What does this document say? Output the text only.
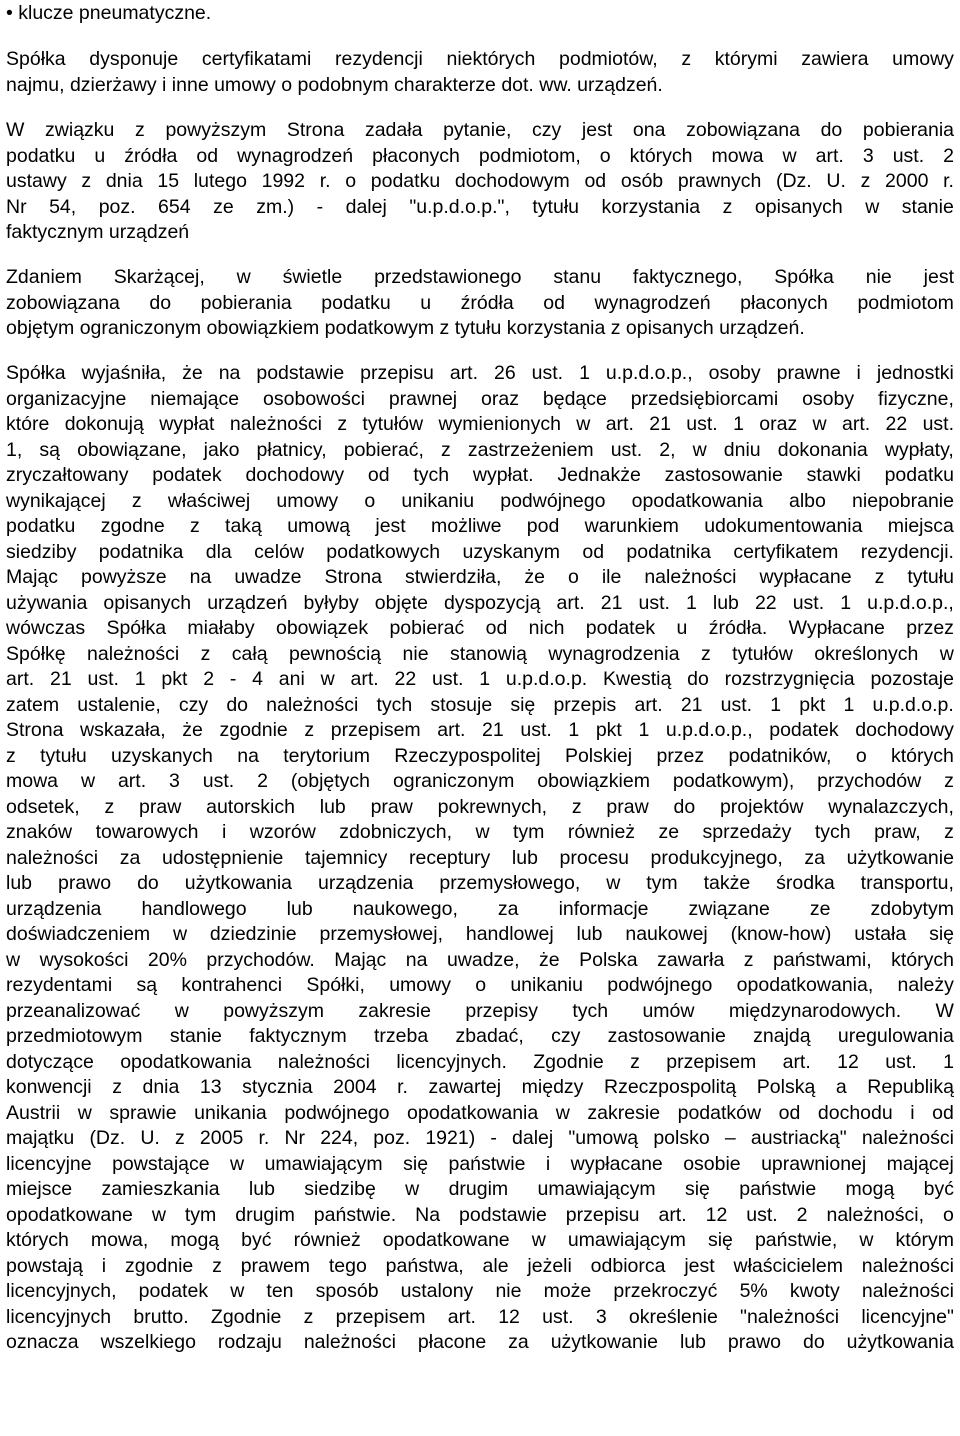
• klucze pneumatyczne.
Spółka dysponuje certyfikatami rezydencji niektórych podmiotów, z którymi zawiera umowy
najmu, dzierżawy i inne umowy o podobnym charakterze dot. ww. urządzeń.
W związku z powyższym Strona zadała pytanie, czy jest ona zobowiązana do pobierania
podatku u źródła od wynagrodzeń płaconych podmiotom, o których mowa w art. 3 ust. 2
ustawy z dnia 15 lutego 1992 r. o podatku dochodowym od osób prawnych (Dz. U. z 2000 r.
Nr 54, poz. 654 ze zm.) - dalej "u.p.d.o.p.", tytułu korzystania z opisanych w stanie
faktycznym urządzeń
Zdaniem Skarżącej, w świetle przedstawionego stanu faktycznego, Spółka nie jest
zobowiązana do pobierania podatku u źródła od wynagrodzeń płaconych podmiotom
objętym ograniczonym obowiązkiem podatkowym z tytułu korzystania z opisanych urządzeń.
Spółka wyjaśniła, że na podstawie przepisu art. 26 ust. 1 u.p.d.o.p., osoby prawne i jednostki
organizacyjne niemające osobowości prawnej oraz będące przedsiębiorcami osoby fizyczne,
które dokonują wypłat należności z tytułów wymienionych w art. 21 ust. 1 oraz w art. 22 ust.
1, są obowiązane, jako płatnicy, pobierać, z zastrzeżeniem ust. 2, w dniu dokonania wypłaty,
zryczałtowany podatek dochodowy od tych wypłat. Jednakże zastosowanie stawki podatku
wynikającej z właściwej umowy o unikaniu podwójnego opodatkowania albo niepobranie
podatku zgodne z taką umową jest możliwe pod warunkiem udokumentowania miejsca
siedziby podatnika dla celów podatkowych uzyskanym od podatnika certyfikatem rezydencji.
Mając powyższe na uwadze Strona stwierdziła, że o ile należności wypłacane z tytułu
używania opisanych urządzeń byłyby objęte dyspozycją art. 21 ust. 1 lub 22 ust. 1 u.p.d.o.p.,
wówczas Spółka miałaby obowiązek pobierać od nich podatek u źródła. Wypłacane przez
Spółkę należności z całą pewnością nie stanowią wynagrodzenia z tytułów określonych w
art. 21 ust. 1 pkt 2 - 4 ani w art. 22 ust. 1 u.p.d.o.p. Kwestią do rozstrzygnięcia pozostaje
zatem ustalenie, czy do należności tych stosuje się przepis art. 21 ust. 1 pkt 1 u.p.d.o.p.
Strona wskazała, że zgodnie z przepisem art. 21 ust. 1 pkt 1 u.p.d.o.p., podatek dochodowy
z tytułu uzyskanych na terytorium Rzeczypospolitej Polskiej przez podatników, o których
mowa w art. 3 ust. 2 (objętych ograniczonym obowiązkiem podatkowym), przychodów z
odsetek, z praw autorskich lub praw pokrewnych, z praw do projektów wynalazczych,
znaków towarowych i wzorów zdobniczych, w tym również ze sprzedaży tych praw, z
należności za udostępnienie tajemnicy receptury lub procesu produkcyjnego, za użytkowanie
lub prawo do użytkowania urządzenia przemysłowego, w tym także środka transportu,
urządzenia handlowego lub naukowego, za informacje związane ze zdobytym
doświadczeniem w dziedzinie przemysłowej, handlowej lub naukowej (know-how) ustała się
w wysokości 20% przychodów. Mając na uwadze, że Polska zawarła z państwami, których
rezydentami są kontrahenci Spółki, umowy o unikaniu podwójnego opodatkowania, należy
przeanalizować w powyższym zakresie przepisy tych umów międzynarodowych. W
przedmiotowym stanie faktycznym trzeba zbadać, czy zastosowanie znajdą uregulowania
dotyczące opodatkowania należności licencyjnych. Zgodnie z przepisem art. 12 ust. 1
konwencji z dnia 13 stycznia 2004 r. zawartej między Rzeczpospolitą Polską a Republiką
Austrii w sprawie unikania podwójnego opodatkowania w zakresie podatków od dochodu i od
majątku (Dz. U. z 2005 r. Nr 224, poz. 1921) - dalej "umową polsko – austriacką" należności
licencyjne powstające w umawiającym się państwie i wypłacane osobie uprawnionej mającej
miejsce zamieszkania lub siedzibę w drugim umawiającym się państwie mogą być
opodatkowane w tym drugim państwie. Na podstawie przepisu art. 12 ust. 2 należności, o
których mowa, mogą być również opodatkowane w umawiającym się państwie, w którym
powstają i zgodnie z prawem tego państwa, ale jeżeli odbiorca jest właścicielem należności
licencyjnych, podatek w ten sposób ustalony nie może przekroczyć 5% kwoty należności
licencyjnych brutto. Zgodnie z przepisem art. 12 ust. 3 określenie "należności licencyjne"
oznacza wszelkiego rodzaju należności płacone za użytkowanie lub prawo do użytkowania
